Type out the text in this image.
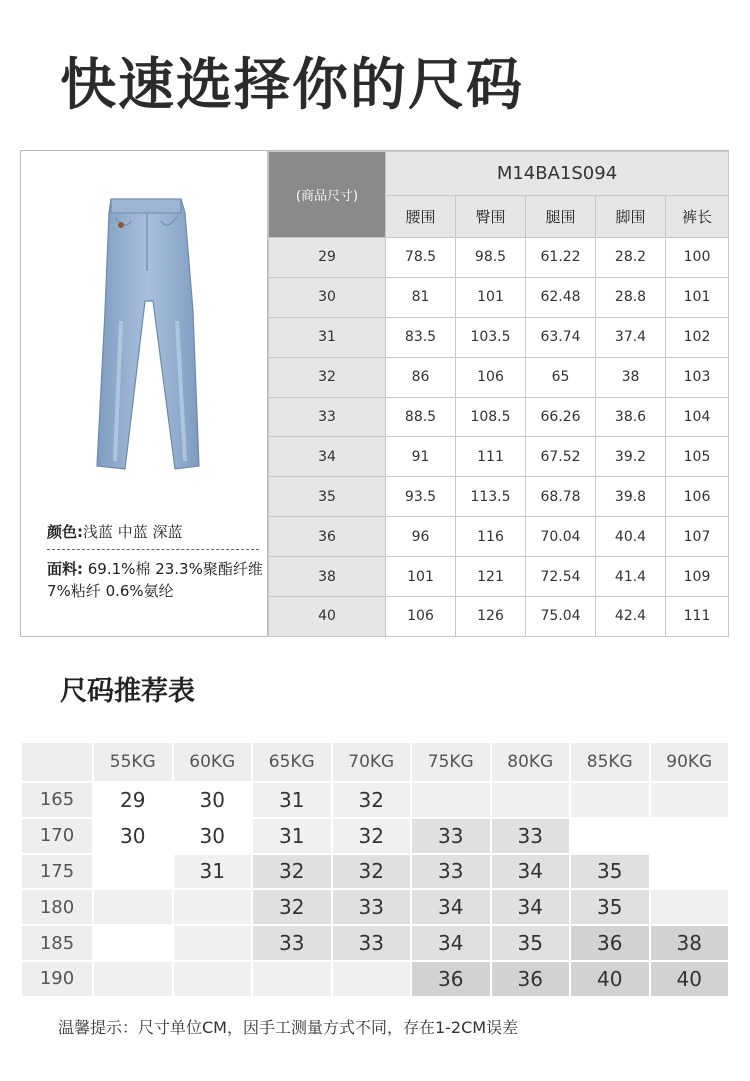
快速选择你的尺码
颜色:浅蓝 中蓝 深蓝
面料: 69.1%棉 23.3%聚酯纤维 7%粘纤 0.6%氨纶
(商品尺寸)	M14BA1S094				
	腰围	臀围	腿围	脚围	裤长
29	78.5	98.5	61.22	28.2	100
30	81	101	62.48	28.8	101
31	83.5	103.5	63.74	37.4	102
32	86	106	65	38	103
33	88.5	108.5	66.26	38.6	104
34	91	111	67.52	39.2	105
35	93.5	113.5	68.78	39.8	106
36	96	116	70.04	40.4	107
38	101	121	72.54	41.4	109
40	106	126	75.04	42.4	111
尺码推荐表
	55KG	60KG	65KG	70KG	75KG	80KG	85KG	90KG
165	29	30	31	32				
170	30	30	31	32	33	33		
175		31	32	32	33	34	35	
180			32	33	34	34	35	
185			33	33	34	35	36	38
190					36	36	40	40
温馨提示：尺寸单位CM，因手工测量方式不同，存在1-2CM误差
